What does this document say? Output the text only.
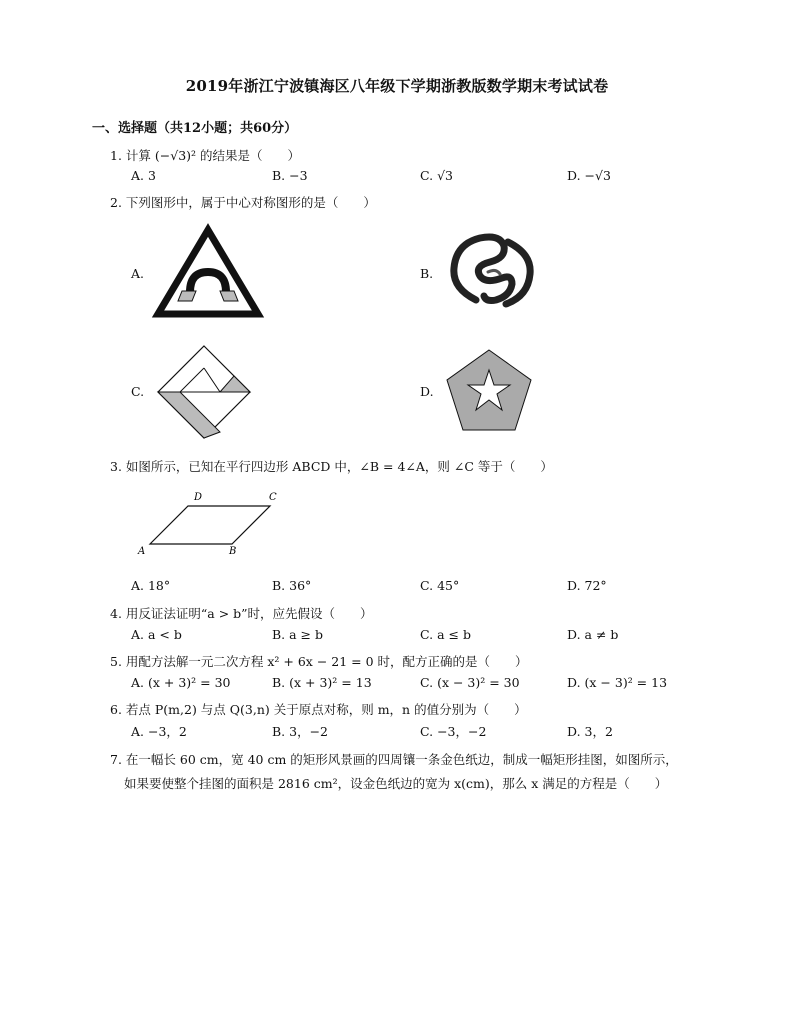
2019年浙江宁波镇海区八年级下学期浙教版数学期末考试试卷
一、选择题（共12小题；共60分）
1. 计算 (−√3)² 的结果是（　　）
A. 3	B. −3	C. √3	D. −√3
2. 下列图形中，属于中心对称图形的是（　　）
A.	B.
C.	D.
3. 如图所示，已知在平行四边形 ABCD 中，∠B = 4∠A，则 ∠C 等于（　　）
D	C
A	B
A. 18°	B. 36°	C. 45°	D. 72°
4. 用反证法证明“a > b”时，应先假设（　　）
A. a < b	B. a ≥ b	C. a ≤ b	D. a ≠ b
5. 用配方法解一元二次方程 x² + 6x − 21 = 0 时，配方正确的是（　　）
A. (x + 3)² = 30	B. (x + 3)² = 13	C. (x − 3)² = 30	D. (x − 3)² = 13
6. 若点 P(m,2) 与点 Q(3,n) 关于原点对称，则 m，n 的值分别为（　　）
A. −3，2	B. 3，−2	C. −3，−2	D. 3，2
7. 在一幅长 60 cm，宽 40 cm 的矩形风景画的四周镶一条金色纸边，制成一幅矩形挂图，如图所示，
如果要使整个挂图的面积是 2816 cm²，设金色纸边的宽为 x(cm)，那么 x 满足的方程是（　　）
